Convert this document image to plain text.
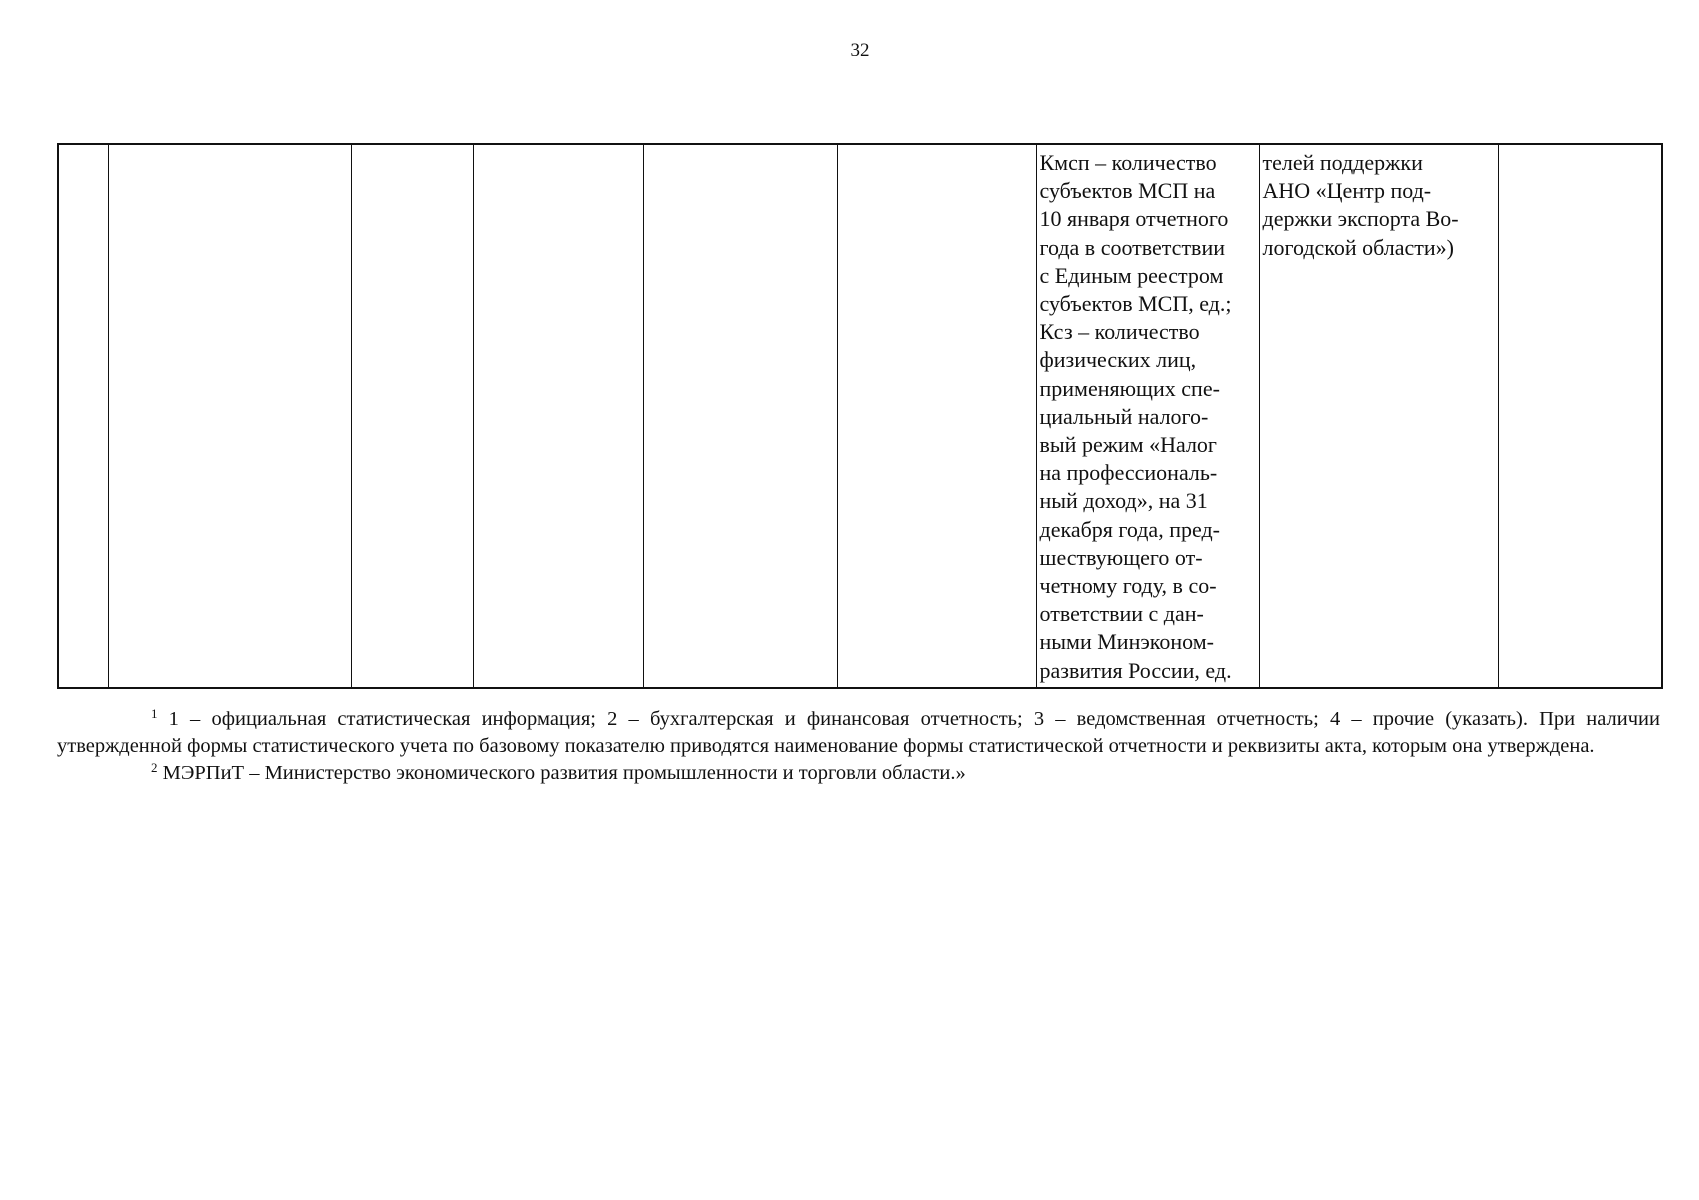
32
						Кмсп – количество
субъектов МСП на
10 января отчетного
года в соответствии
с Единым реестром
субъектов МСП, ед.;
Ксз – количество
физических лиц,
применяющих спе-
циальный налого-
вый режим «Налог
на профессиональ-
ный доход», на 31
декабря года, пред-
шествующего от-
четному году, в со-
ответствии с дан-
ными Минэконом-
развития России, ед.	телей поддержки
АНО «Центр под-
держки экспорта Во-
логодской области»)	

$^1$ 1 – официальная статистическая информация; 2 – бухгалтерская и финансовая отчетность; 3 – ведомственная отчетность; 4 – прочие (указать). При наличии утвержденной формы статистического учета по базовому показателю приводятся наименование формы статистической отчетности и реквизиты акта, которым она утверждена.

$^2$ МЭРПиТ – Министерство экономического развития промышленности и торговли области.»
